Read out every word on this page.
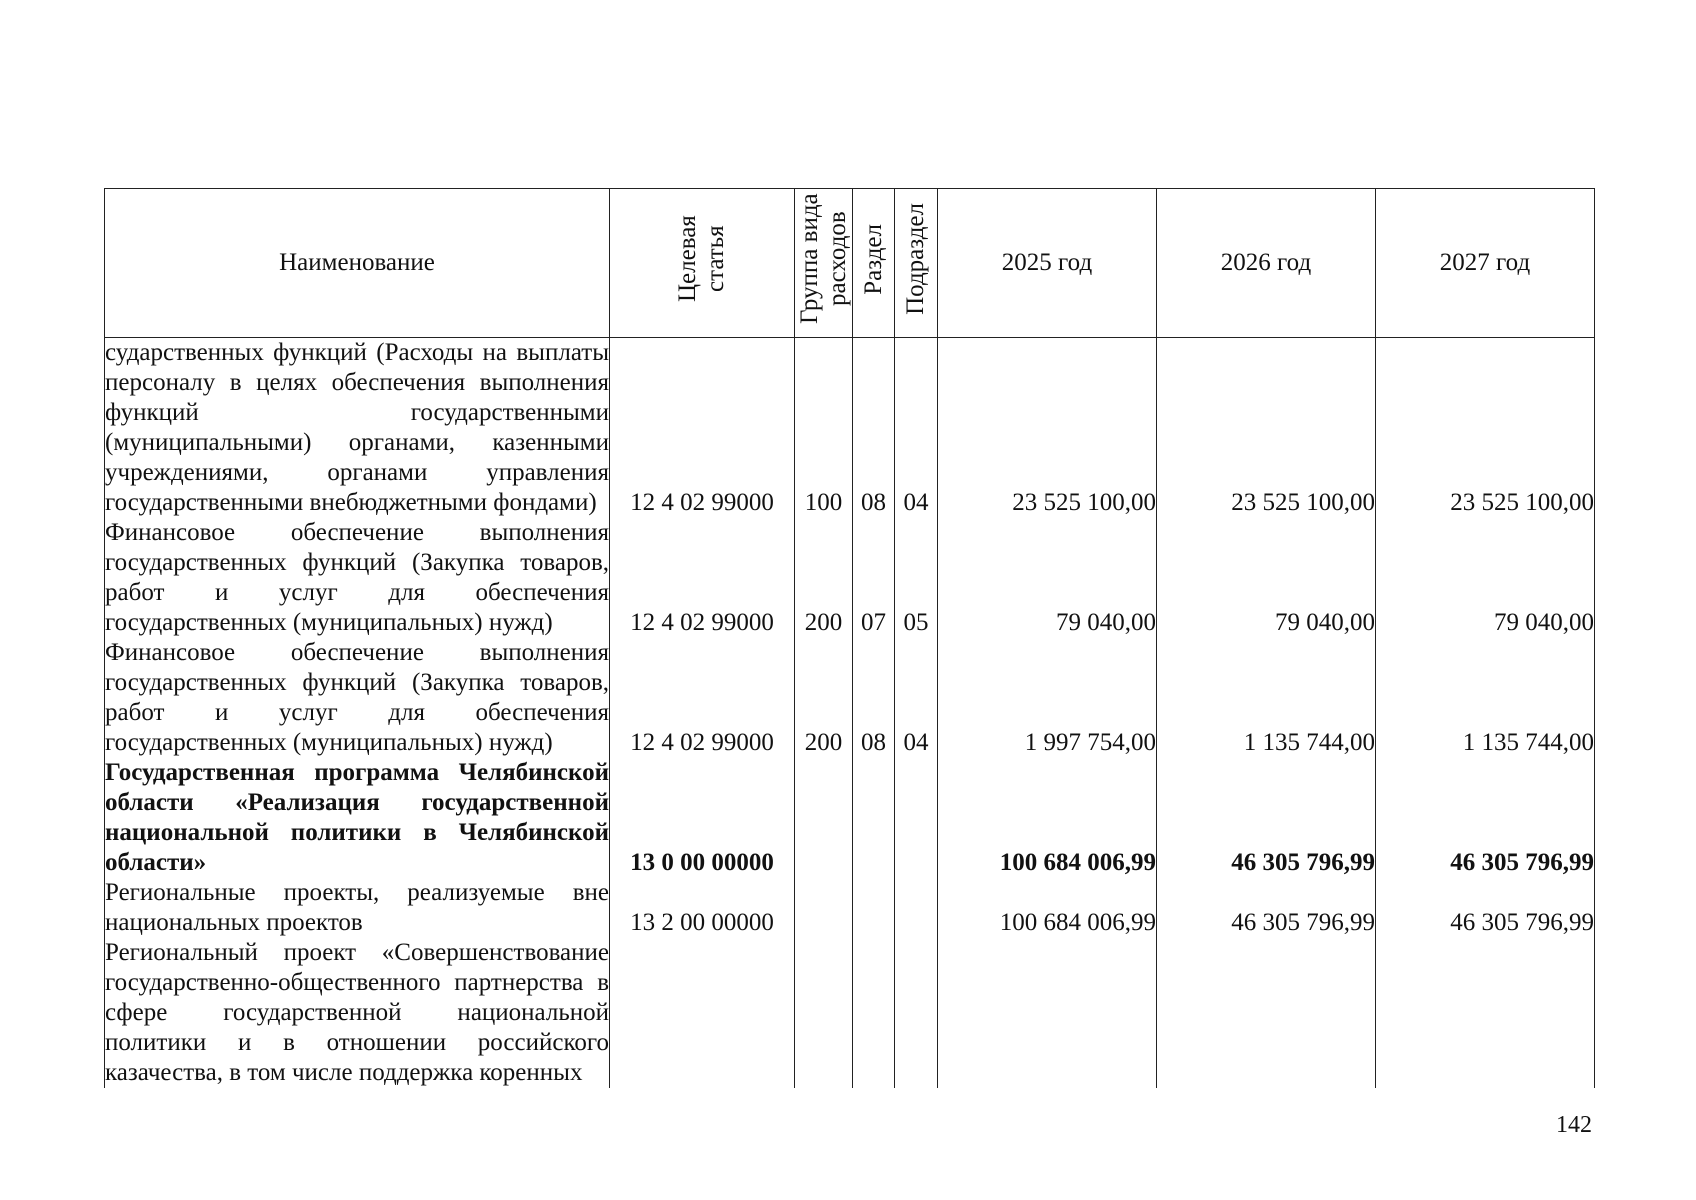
Наименование	Целевая статья	Группа вида расходов	Раздел	Подраздел	2025 год	2026 год	2027 год
сударственных функций (Расходы на выплаты персоналу в целях обеспечения выполнения функций государственными (муниципальными) органами, казенными учреждениями, органами управления государственными внебюджетными фондами)	12 4 02 99000	100	08	04	23 525 100,00	23 525 100,00	23 525 100,00
Финансовое обеспечение выполнения государственных функций (Закупка товаров, работ и услуг для обеспечения государственных (муниципальных) нужд)	12 4 02 99000	200	07	05	79 040,00	79 040,00	79 040,00
Финансовое обеспечение выполнения государственных функций (Закупка товаров, работ и услуг для обеспечения государственных (муниципальных) нужд)	12 4 02 99000	200	08	04	1 997 754,00	1 135 744,00	1 135 744,00
Государственная программа Челябинской области «Реализация государственной национальной политики в Челябинской области»	13 0 00 00000				100 684 006,99	46 305 796,99	46 305 796,99
Региональные проекты, реализуемые вне национальных проектов	13 2 00 00000				100 684 006,99	46 305 796,99	46 305 796,99
Региональный проект «Совершенствование государственно-общественного партнерства в сфере государственной национальной политики и в отношении российского казачества, в том числе поддержка коренных							
142
